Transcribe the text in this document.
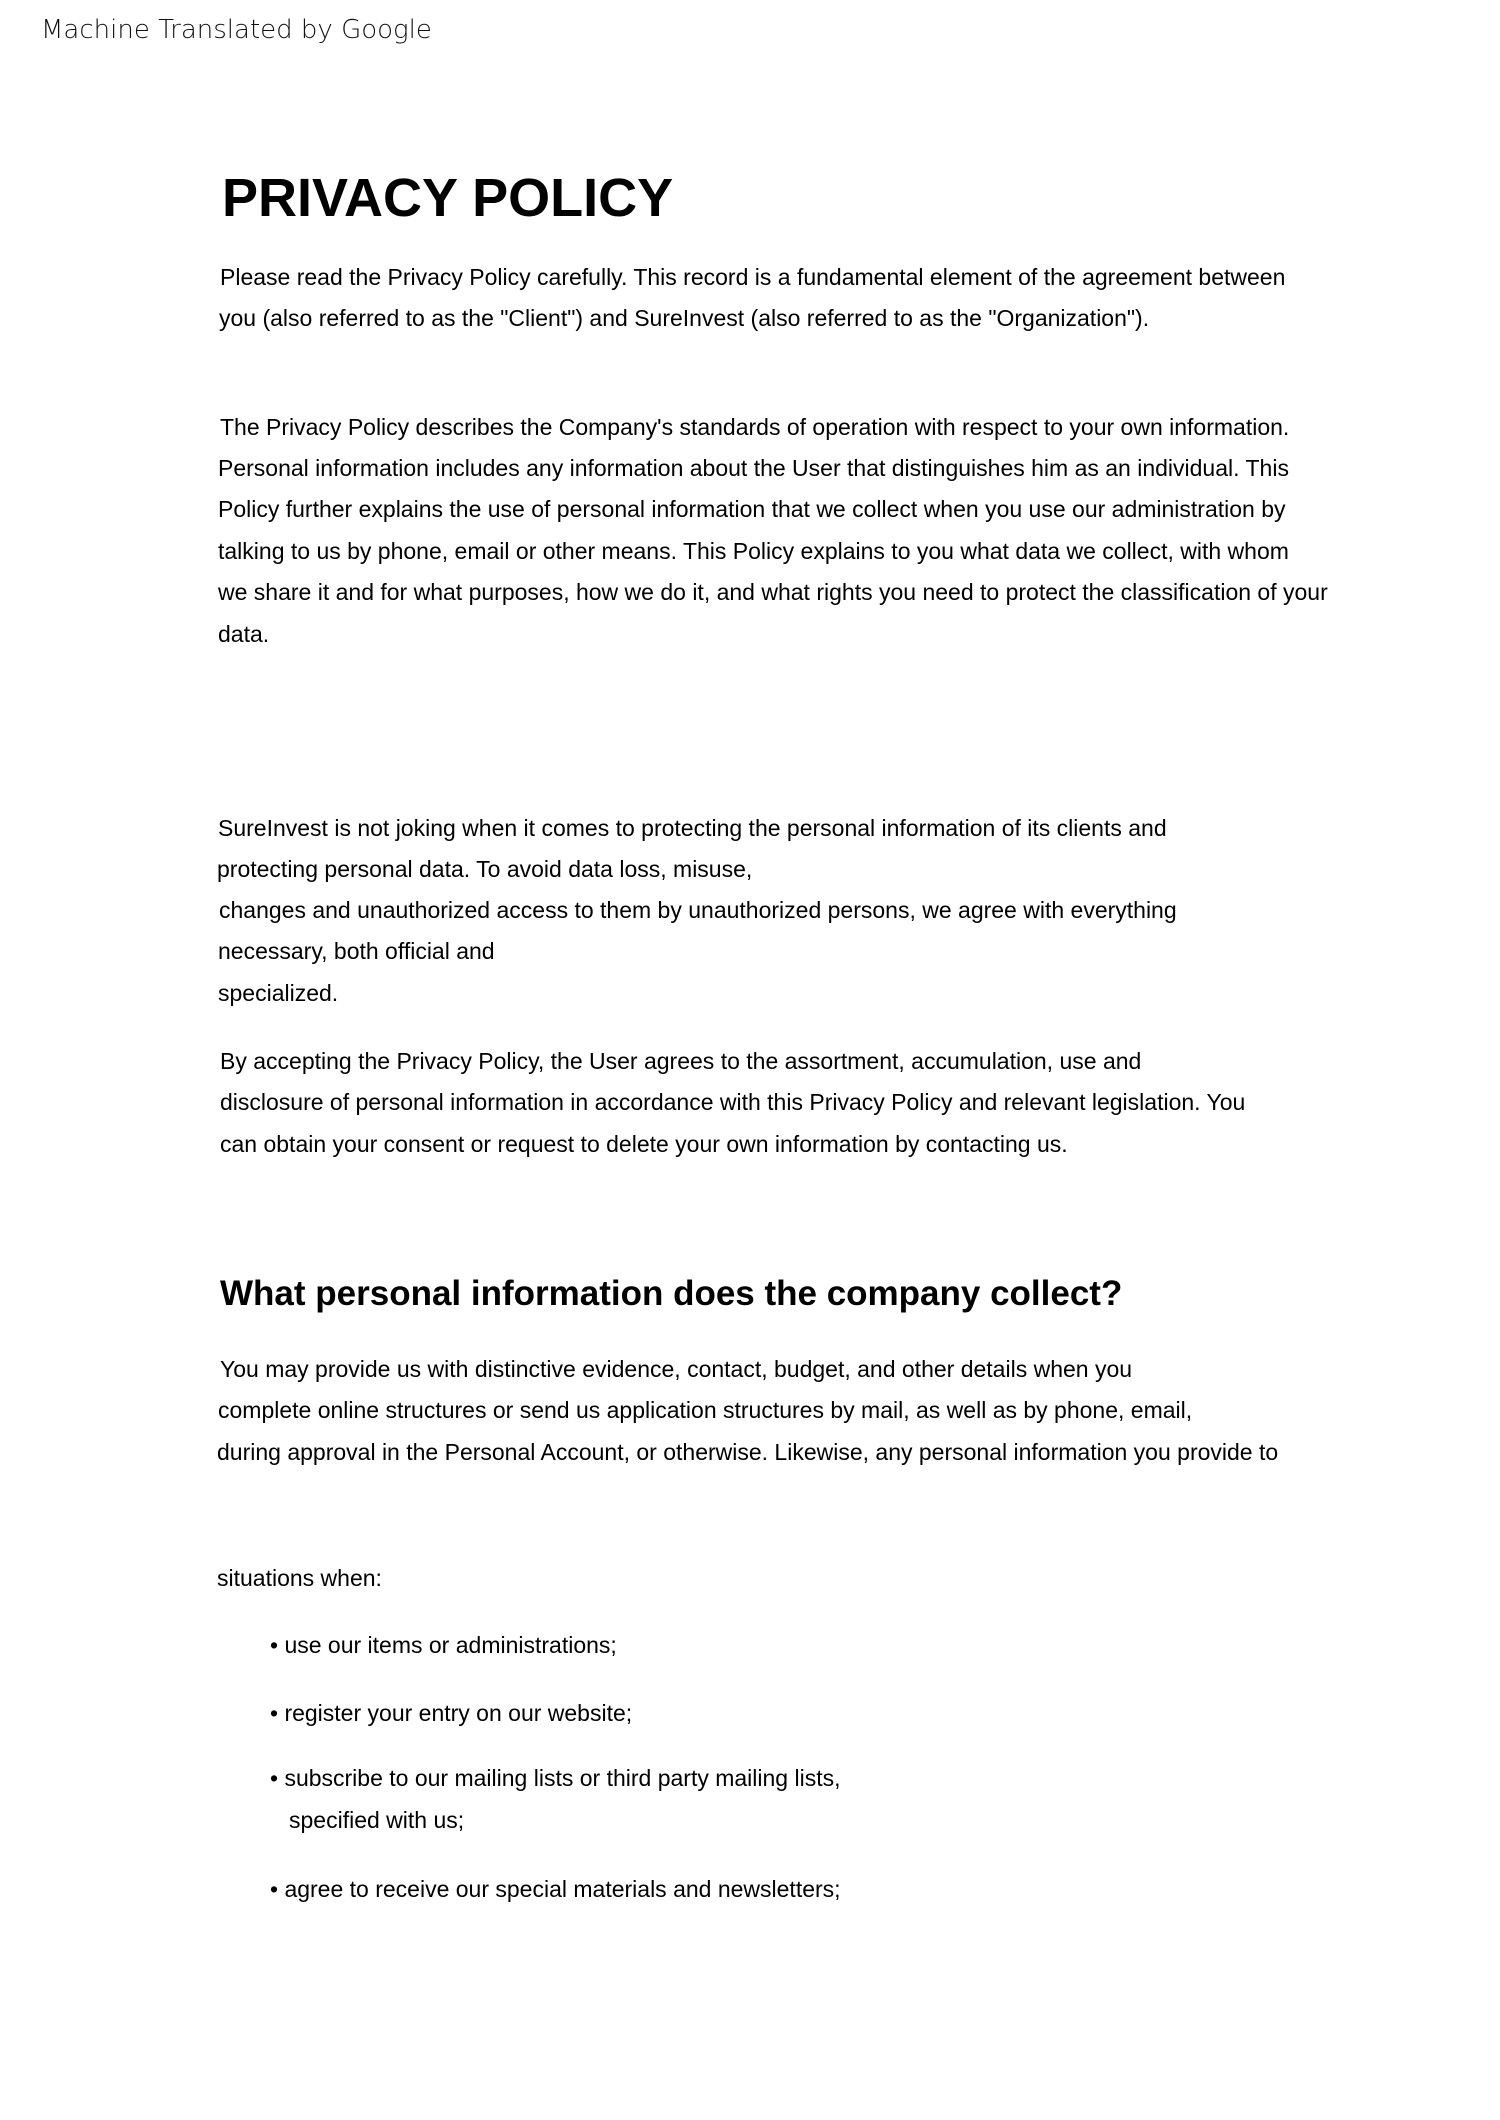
Machine Translated by Google
PRIVACY POLICY
Please read the Privacy Policy carefully. This record is a fundamental element of the agreement between
you (also referred to as the "Client") and SureInvest (also referred to as the "Organization").
The Privacy Policy describes the Company's standards of operation with respect to your own information.
Personal information includes any information about the User that distinguishes him as an individual. This
Policy further explains the use of personal information that we collect when you use our administration by
talking to us by phone, email or other means. This Policy explains to you what data we collect, with whom
we share it and for what purposes, how we do it, and what rights you need to protect the classification of your
data.
SureInvest is not joking when it comes to protecting the personal information of its clients and
protecting personal data. To avoid data loss, misuse,
changes and unauthorized access to them by unauthorized persons, we agree with everything
necessary, both official and
specialized.
By accepting the Privacy Policy, the User agrees to the assortment, accumulation, use and
disclosure of personal information in accordance with this Privacy Policy and relevant legislation. You
can obtain your consent or request to delete your own information by contacting us.
What personal information does the company collect?
You may provide us with distinctive evidence, contact, budget, and other details when you
complete online structures or send us application structures by mail, as well as by phone, email,
during approval in the Personal Account, or otherwise. Likewise, any personal information you provide to
situations when:
• use our items or administrations;
• register your entry on our website;
• subscribe to our mailing lists or third party mailing lists,
specified with us;
• agree to receive our special materials and newsletters;
